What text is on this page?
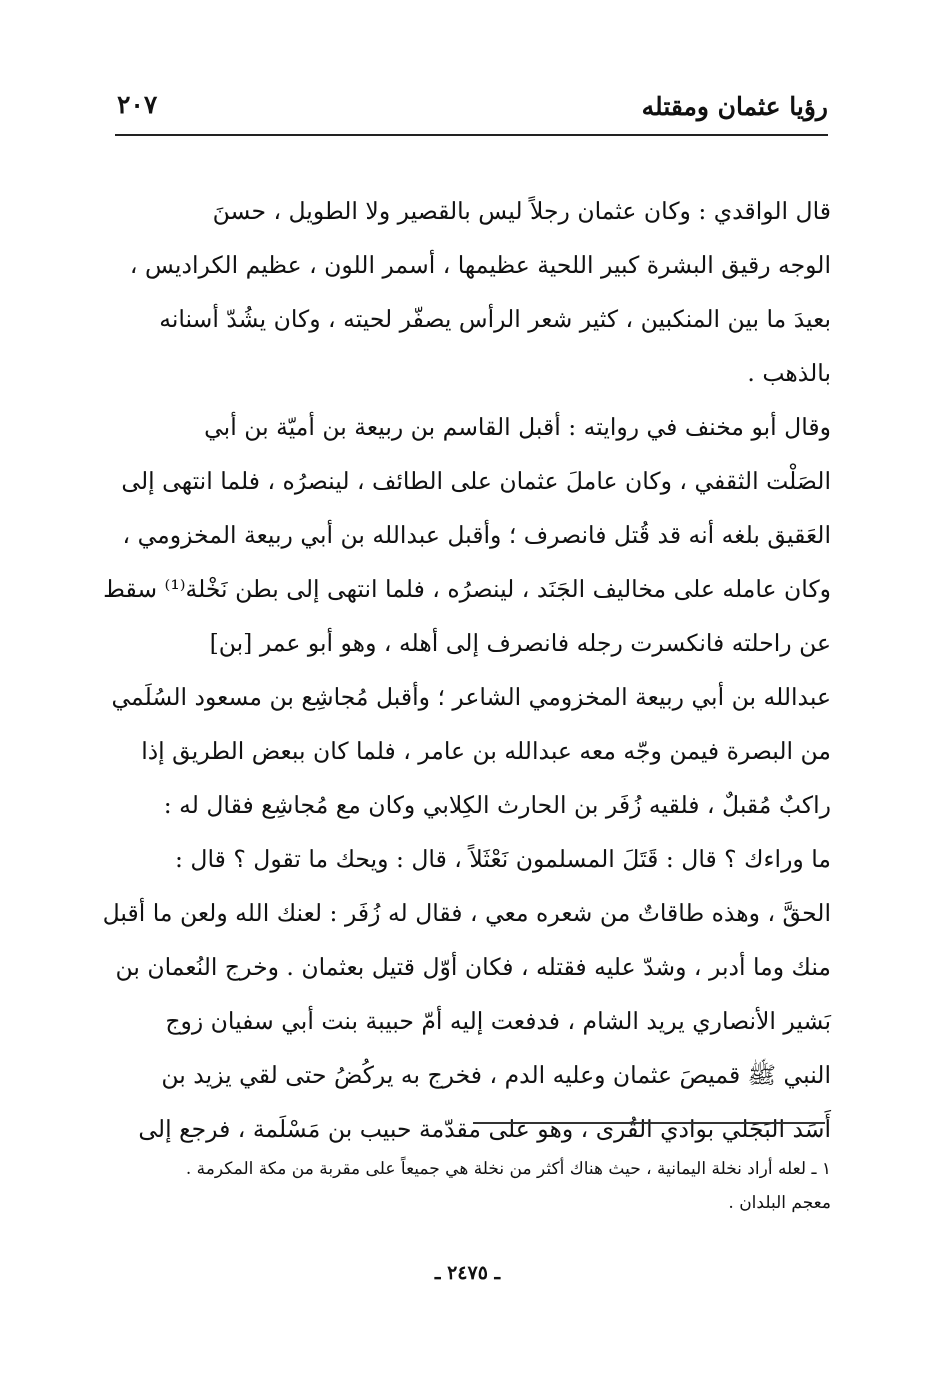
رؤيا عثمان ومقتله
٢٠٧
قال الواقدي : وكان عثمان رجلاً ليس بالقصير ولا الطويل ، حسنَ
الوجه رقيق البشرة كبير اللحية عظيمها ، أسمر اللون ، عظيم الكراديس ،
بعيدَ ما بين المنكبين ، كثير شعر الرأس يصفّر لحيته ، وكان يشُدّ أسنانه
بالذهب .
وقال أبو مخنف في روايته : أقبل القاسم بن ربيعة بن أميّة بن أبي
الصَلْت الثقفي ، وكان عاملَ عثمان على الطائف ، لينصرُه ، فلما انتهى إلى
العَقيق بلغه أنه قد قُتل فانصرف ؛ وأقبل عبدالله بن أبي ربيعة المخزومي ،
وكان عامله على مخاليف الجَنَد ، لينصرُه ، فلما انتهى إلى بطن نَخْلة⁽¹⁾ سقط
عن راحلته فانكسرت رجله فانصرف إلى أهله ، وهو أبو عمر [بن]
عبدالله بن أبي ربيعة المخزومي الشاعر ؛ وأقبل مُجاشِع بن مسعود السُلَمي
من البصرة فيمن وجّه معه عبدالله بن عامر ، فلما كان ببعض الطريق إذا
راكبٌ مُقبلٌ ، فلقيه زُفَر بن الحارث الكِلابي وكان مع مُجاشِع فقال له :
ما وراءك ؟ قال : قَتَلَ المسلمون نَعْثَلاً ، قال : ويحك ما تقول ؟ قال :
الحقَّ ، وهذه طاقاتٌ من شعره معي ، فقال له زُفَر : لعنك الله ولعن ما أقبل
منك وما أدبر ، وشدّ عليه فقتله ، فكان أوّل قتيل بعثمان . وخرج النُعمان بن
بَشير الأنصاري يريد الشام ، فدفعت إليه أمّ حبيبة بنت أبي سفيان زوج
النبي ﷺ قميصَ عثمان وعليه الدم ، فخرج به يركُضُ حتى لقي يزيد بن
أَسَد البَجَلي بوادي القُرى ، وهو على مقدّمة حبيب بن مَسْلَمة ، فرجع إلى
١ ـ لعله أراد نخلة اليمانية ، حيث هناك أكثر من نخلة هي جميعاً على مقربة من مكة المكرمة .
معجم البلدان .
ـ ٢٤٧٥ ـ
